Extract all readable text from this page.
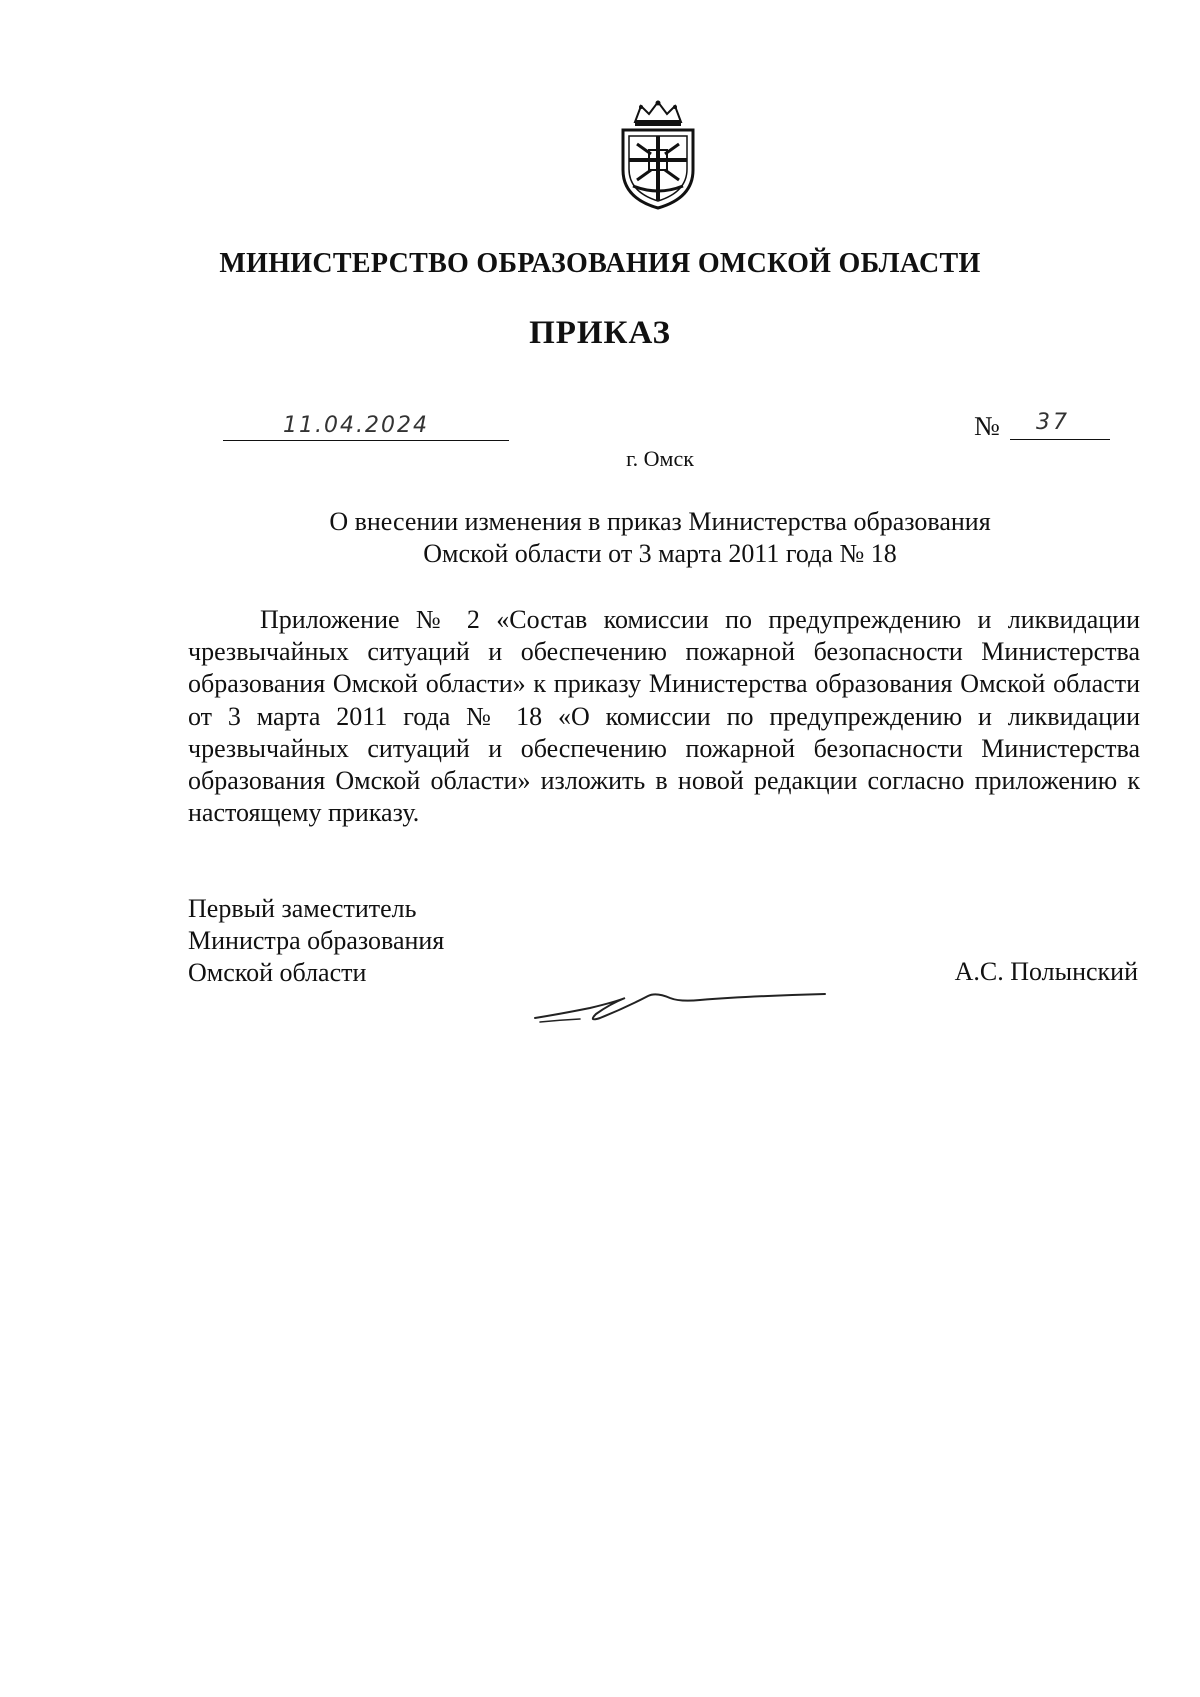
МИНИСТЕРСТВО ОБРАЗОВАНИЯ ОМСКОЙ ОБЛАСТИ
ПРИКАЗ
11.04.2024	№ 37
г. Омск
О внесении изменения в приказ Министерства образования
Омской области от 3 марта 2011 года № 18

Приложение № 2 «Состав комиссии по предупреждению и ликвидации чрезвычайных ситуаций и обеспечению пожарной безопасности Министерства образования Омской области» к приказу Министерства образования Омской области от 3 марта 2011 года № 18 «О комиссии по предупреждению и ликвидации чрезвычайных ситуаций и обеспечению пожарной безопасности Министерства образования Омской области» изложить в новой редакции согласно приложению к настоящему приказу.

Первый заместитель
Министра образования
Омской области	А.С. Полынский
